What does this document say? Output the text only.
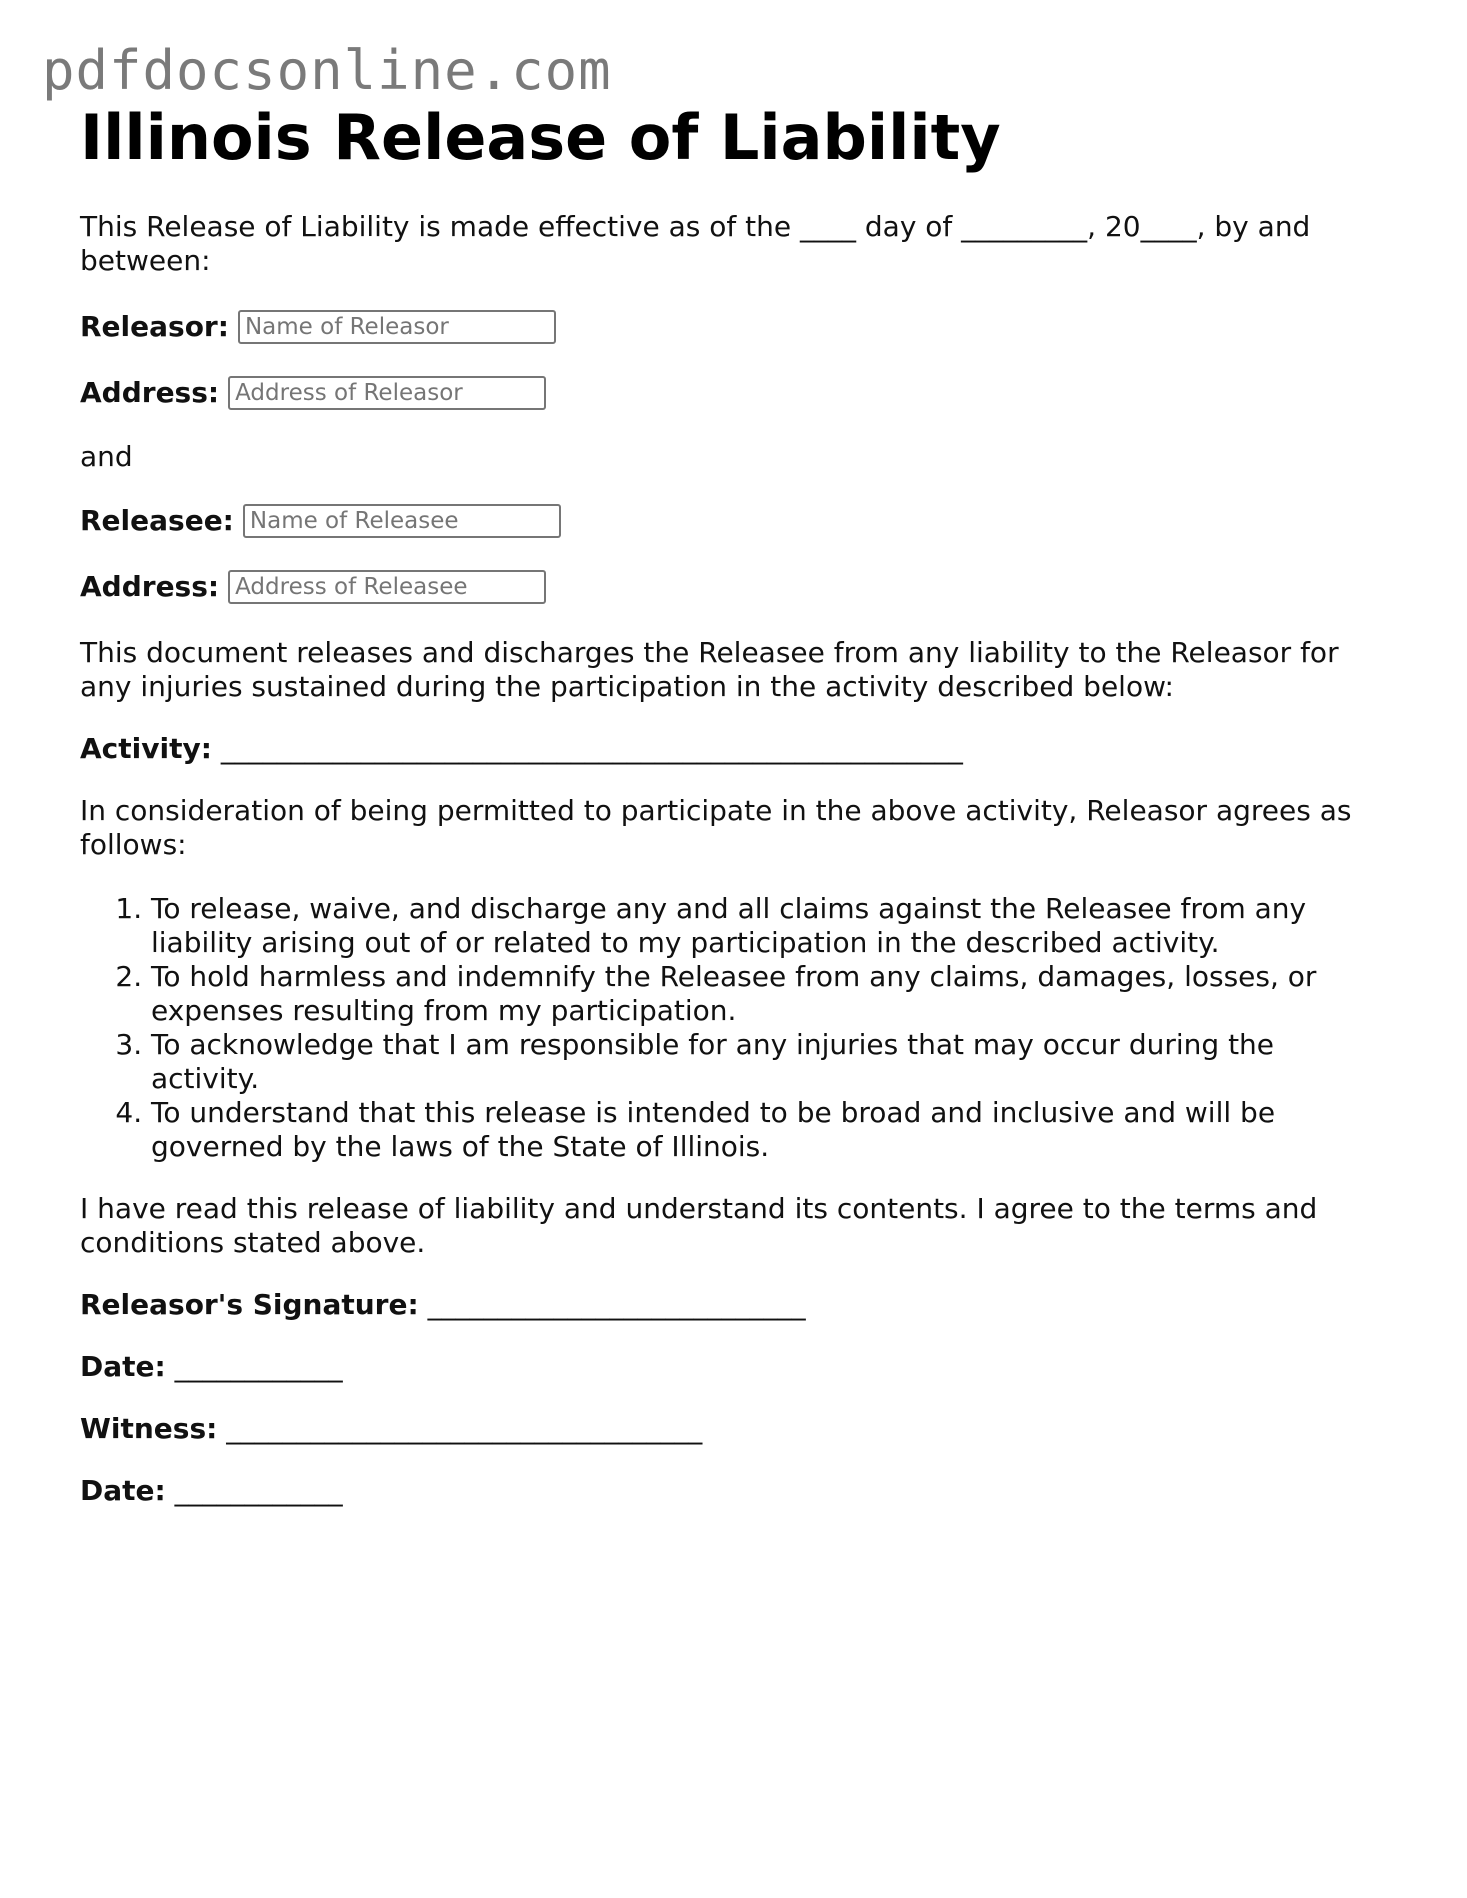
pdfdocsonline.com
Illinois Release of Liability

This Release of Liability is made effective as of the ____ day of _________, 20____, by and between:

Releasor:
Name of Releasor
Address:
Address of Releasor

and

Releasee:
Name of Releasee
Address:
Address of Releasee

This document releases and discharges the Releasee from any liability to the Releasor for any injuries sustained during the participation in the activity described below:

Activity: _____________________________________________________

In consideration of being permitted to participate in the above activity, Releasor agrees as follows:

1. To release, waive, and discharge any and all claims against the Releasee from any liability arising out of or related to my participation in the described activity.
2. To hold harmless and indemnify the Releasee from any claims, damages, losses, or expenses resulting from my participation.
3. To acknowledge that I am responsible for any injuries that may occur during the activity.
4. To understand that this release is intended to be broad and inclusive and will be governed by the laws of the State of Illinois.

I have read this release of liability and understand its contents. I agree to the terms and conditions stated above.

Releasor's Signature: ___________________________
Date: ____________
Witness: __________________________________
Date: ____________
